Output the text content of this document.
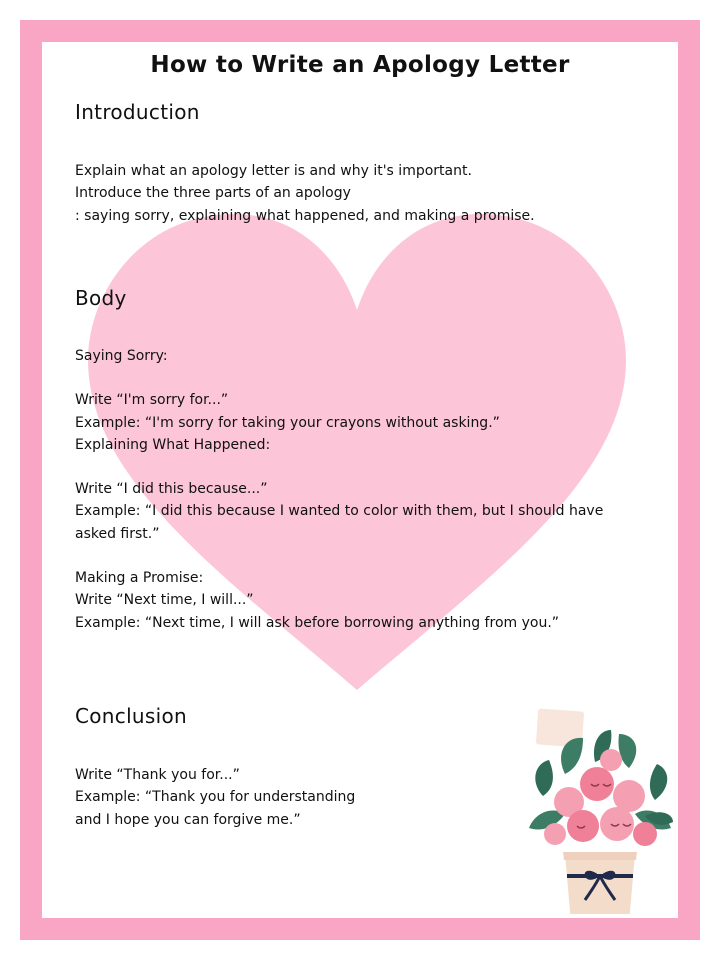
How to Write an Apology Letter
Introduction
Explain what an apology letter is and why it's important.
Introduce the three parts of an apology
: saying sorry, explaining what happened, and making a promise.
Body
Saying Sorry:
Write “I'm sorry for...”
Example: “I'm sorry for taking your crayons without asking.”
Explaining What Happened:
Write “I did this because...”
Example: “I did this because I wanted to color with them, but I should have
asked first.”
Making a Promise:
Write “Next time, I will...”
Example: “Next time, I will ask before borrowing anything from you.”
Conclusion
Write “Thank you for...”
Example: “Thank you for understanding
and I hope you can forgive me.”
